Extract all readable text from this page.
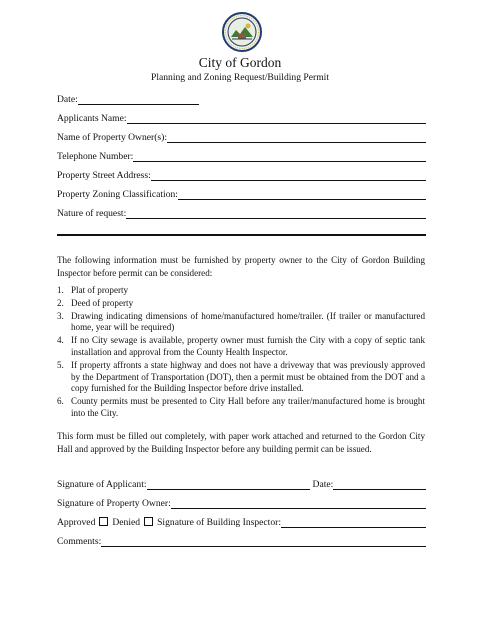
City of Gordon
Planning and Zoning Request/Building Permit
Date:
Applicants Name:
Name of Property Owner(s):
Telephone Number:
Property Street Address:
Property Zoning Classification:
Nature of request:

The following information must be furnished by property owner to the City of Gordon Building Inspector before permit can be considered:

1. Plat of property
2. Deed of property
3. Drawing indicating dimensions of home/manufactured home/trailer. (If trailer or manufactured home, year will be required)
4. If no City sewage is available, property owner must furnish the City with a copy of septic tank installation and approval from the County Health Inspector.
5. If property affronts a state highway and does not have a driveway that was previously approved by the Department of Transportation (DOT), then a permit must be obtained from the DOT and a copy furnished for the Building Inspector before drive installed.
6. County permits must be presented to City Hall before any trailer/manufactured home is brought into the City.

This form must be filled out completely, with paper work attached and returned to the Gordon City Hall and approved by the Building Inspector before any building permit can be issued.

Signature of Applicant:	Date:
Signature of Property Owner:
Approved Denied Signature of Building Inspector:
Comments:
